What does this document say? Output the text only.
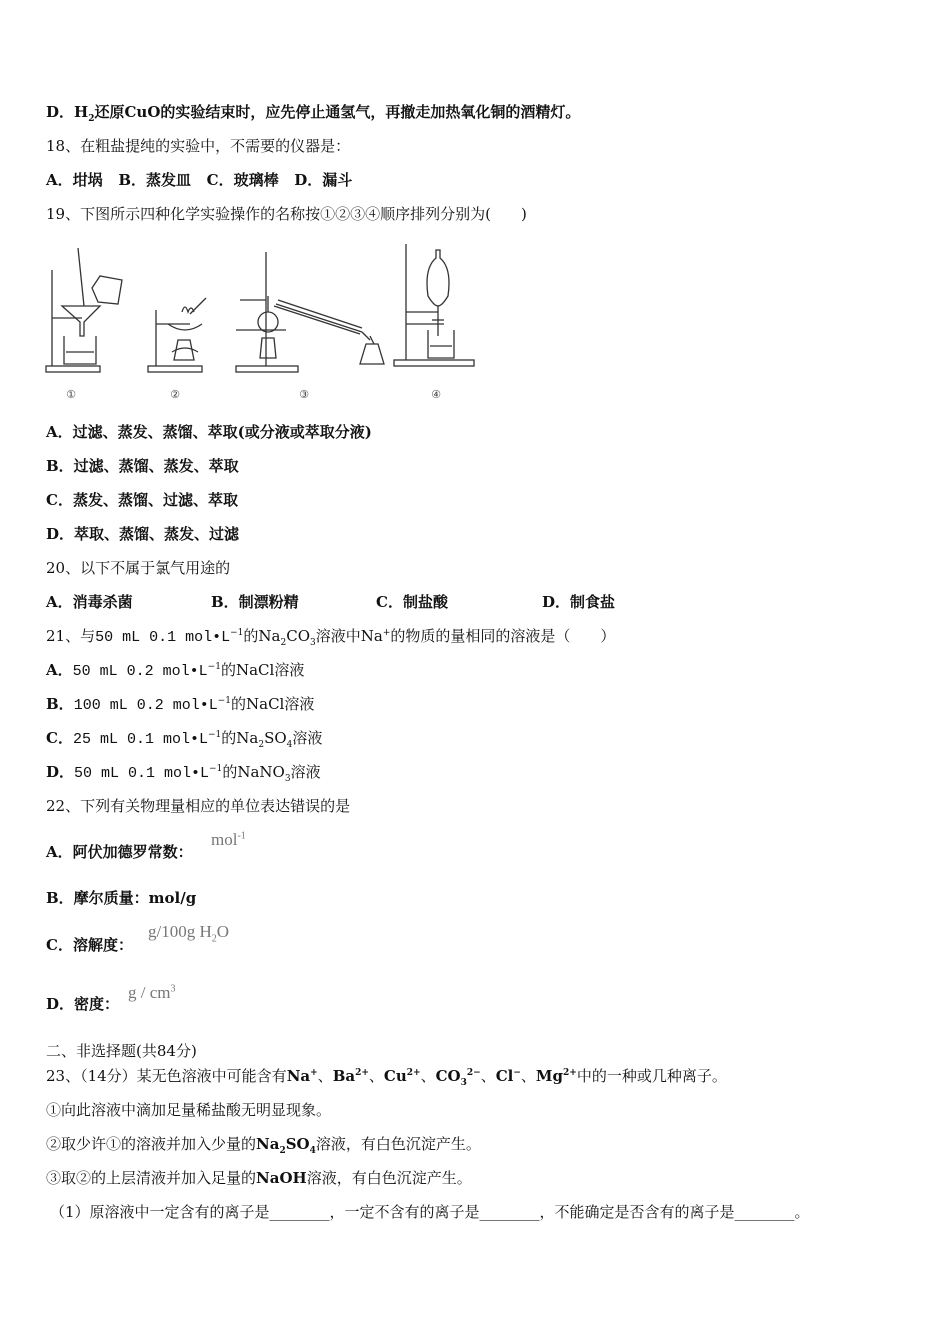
D．$H_2$还原CuO的实验结束时，应先停止通氢气，再撤走加热氧化铜的酒精灯。
18、在粗盐提纯的实验中，不需要的仪器是：
A．坩埚 B．蒸发皿 C．玻璃棒 D．漏斗
19、下图所示四种化学实验操作的名称按①②③④顺序排列分别为(　　)
①	②	③	④
A．过滤、蒸发、蒸馏、萃取(或分液或萃取分液)
B．过滤、蒸馏、蒸发、萃取
C．蒸发、蒸馏、过滤、萃取
D．萃取、蒸馏、蒸发、过滤
20、以下不属于氯气用途的
A．消毒杀菌	B．制漂粉精	C．制盐酸	D．制食盐
21、与50 mL 0.1 $mol•L^{-1}$的$Na_2CO_3$溶液中Na+的物质的量相同的溶液是（　　）
A．50 mL 0.2 $mol•L^{-1}$的NaCl溶液
B．100 mL 0.2 $mol•L^{-1}$的NaCl溶液
C．25 mL 0.1 $mol•L^{-1}$的$Na_2SO_4$溶液
D．50 mL 0.1 $mol•L^{-1}$的NaNO$_3$溶液
22、下列有关物理量相应的单位表达错误的是
A．阿伏加德罗常数：
mol$^{-1}$
B．摩尔质量：mol/g
C．溶解度：
g/100g $H_2O$
D．密度：
g / $cm^3$
二、非选择题(共84分)
23、（14分）某无色溶液中可能含有Na+、$Ba^{2+}$、$Cu^{2+}$、$CO_3^{2-}$、Cl−、$Mg^{2+}$中的一种或几种离子。
①向此溶液中滴加足量稀盐酸无明显现象。
②取少许①的溶液并加入少量的$Na_2SO_4$溶液，有白色沉淀产生。
③取②的上层清液并加入足量的NaOH溶液，有白色沉淀产生。
（1）原溶液中一定含有的离子是________，一定不含有的离子是________，不能确定是否含有的离子是________。
